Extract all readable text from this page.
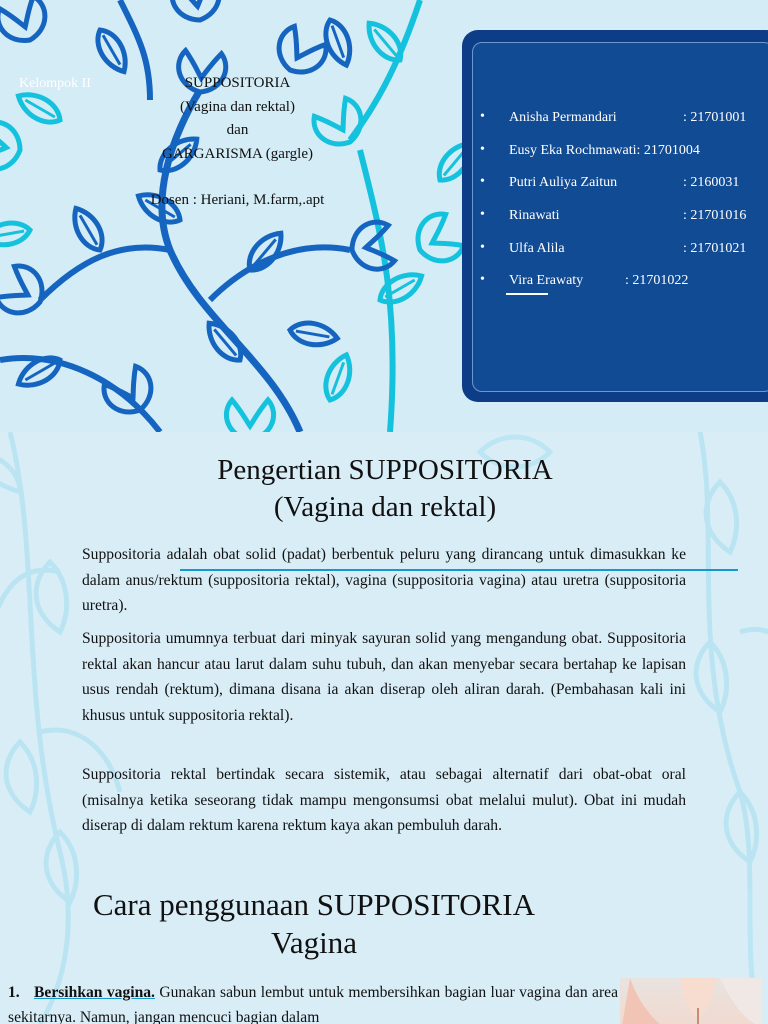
SUPPOSITORIA
(Vagina dan rektal)
dan
GARGARISMA (gargle)
Dosen : Heriani, M.farm,.apt
Kelompok II
• Anisha Permandari	: 21701001
• Eusy Eka Rochmawati: 21701004
• Putri Auliya Zaitun	: 2160031
• Rinawati	: 21701016
• Ulfa Alila	: 21701021
• Vira Erawaty	: 21701022
Pengertian SUPPOSITORIA
(Vagina dan rektal)
Suppositoria adalah obat solid (padat) berbentuk peluru yang dirancang untuk dimasukkan ke dalam anus/rektum (suppositoria rektal), vagina (suppositoria vagina) atau uretra (suppositoria uretra).
Suppositoria umumnya terbuat dari minyak sayuran solid yang mengandung obat. Suppositoria rektal akan hancur atau larut dalam suhu tubuh, dan akan menyebar secara bertahap ke lapisan usus rendah (rektum), dimana disana ia akan diserap oleh aliran darah. (Pembahasan kali ini khusus untuk suppositoria rektal).
Suppositoria rektal bertindak secara sistemik, atau sebagai alternatif dari obat-obat oral (misalnya ketika seseorang tidak mampu mengonsumsi obat melalui mulut). Obat ini mudah diserap di dalam rektum karena rektum kaya akan pembuluh darah.
Cara penggunaan SUPPOSITORIA
Vagina
1. Bersihkan vagina. Gunakan sabun lembut untuk membersihkan bagian luar vagina dan area sekitarnya. Namun, jangan mencuci bagian dalam
